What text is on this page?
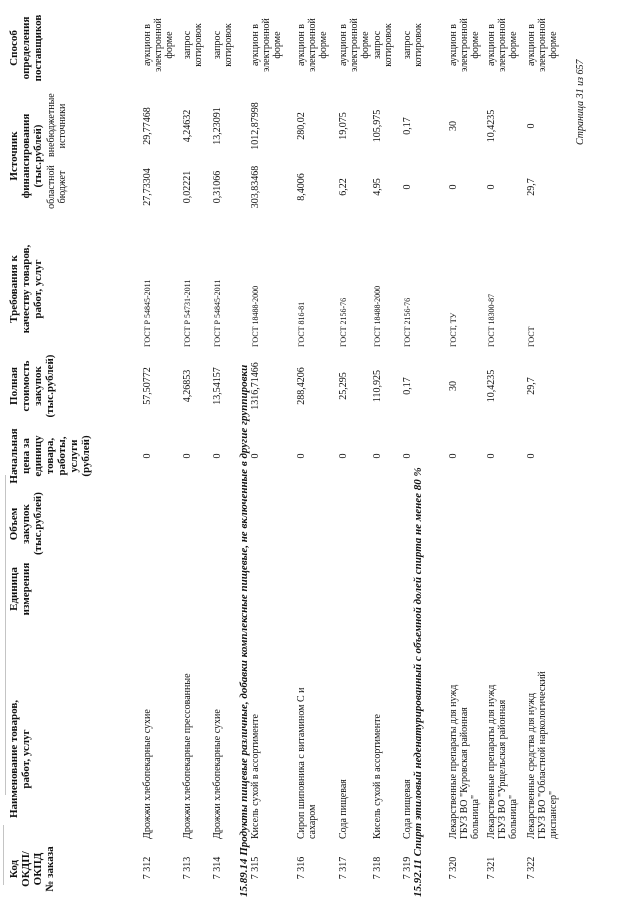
Код
ОКДП/
ОКПД
№ заказа
Наименование товаров,
работ, услуг
Единица
измерения
Объем
закупок
(тыс.рублей)
Начальная
цена за
единицу
товара,
работы,
услуги
(рублей)
Полная
стоимость
закупок
(тыс.рублей)
Требования к
качеству товаров,
работ, услуг
Источник
финансирования
(тыс.рублей) областной
бюджет
внебюджетные
источники
Способ
определения
поставщиков
7 312
Дрожжи хлебопекарные сухие
0
57,50772
ГОСТ Р 54845-2011
27,73304
29,77468
аукцион в
электронной
форме
7 313
Дрожжи хлебопекарные прессованные
0
4,26853
ГОСТ Р 54731-2011
0,02221
4,24632
запрос
котировок
7 314
Дрожжи хлебопекарные сухие
0
13,54157
ГОСТ Р 54845-2011
0,31066
13,23091
запрос
котировок
7 315
Кисель сухой в ассортименте
0
1316,71466
ГОСТ 18488-2000
303,83468
1012,87998
аукцион в
электронной
форме
7 316
Сироп шиповника с витамином С и
сахаром
0
288,4206
ГОСТ 816-81
8,4006
280,02
аукцион в
электронной
форме
7 317
Сода пищевая
0
25,295
ГОСТ 2156-76
6,22
19,075
аукцион в
электронной
форме
7 318
Кисель сухой в ассортименте
0
110,925
ГОСТ 18488-2000
4,95
105,975
запрос
котировок
7 319
Сода пищевая
0
0,17
ГОСТ 2156-76
0
0,17
запрос
котировок
7 320
Лекарственные препараты для нужд
ГБУЗ ВО "Куровская районная
больница"
0
30
ГОСТ, ТУ
0
30
аукцион в
электронной
форме
7 321
Лекарственные препараты для нужд
ГБУЗ ВО "Урщельская районная
больница"
0
10,4235
ГОСТ 18300-87
0
10,4235
аукцион в
электронной
форме
7 322
Лекарственные средства для нужд
ГБУЗ ВО "Областной наркологический
диспансер"
0
29,7
ГОСТ
29,7
0
аукцион в
электронной
форме
15.89.14 Продукты пищевые различные, добавки комплексные пищевые, не включенные в другие группировки
15.92.11 Спирт этиловый неденатурированный с объемной долей спирта не менее 80 %
Страница 31 из 657
